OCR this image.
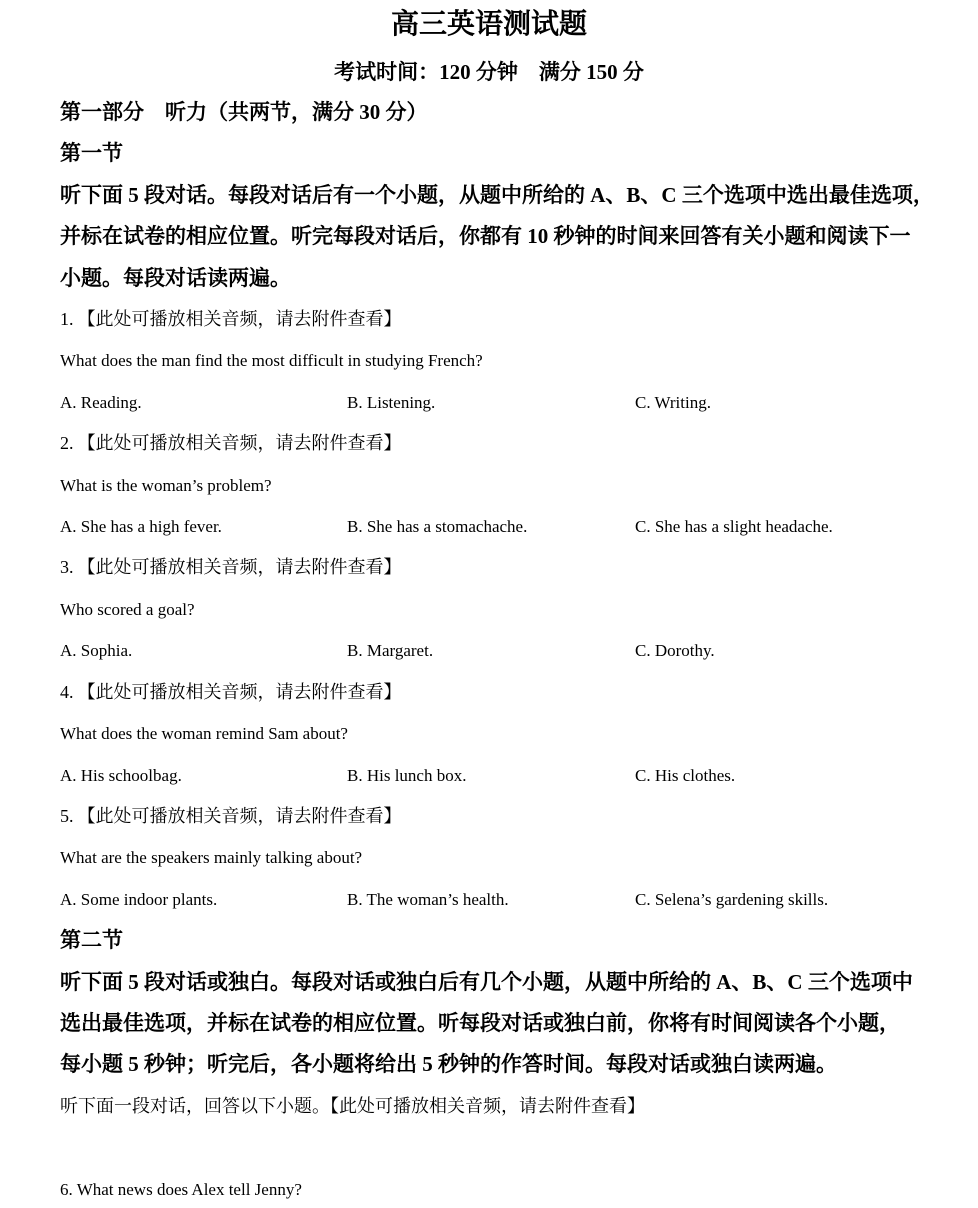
高三英语测试题
考试时间：120 分钟　满分 150 分
第一部分　听力（共两节，满分 30 分）
第一节
听下面 5 段对话。每段对话后有一个小题，从题中所给的 A、B、C 三个选项中选出最佳选项，
并标在试卷的相应位置。听完每段对话后，你都有 10 秒钟的时间来回答有关小题和阅读下一
小题。每段对话读两遍。
1. 【此处可播放相关音频，请去附件查看】
What does the man find the most difficult in studying French?
A. Reading.	B. Listening.	C. Writing.
2. 【此处可播放相关音频，请去附件查看】
What is the woman’s problem?
A. She has a high fever.	B. She has a stomachache.	C. She has a slight headache.
3. 【此处可播放相关音频，请去附件查看】
Who scored a goal?
A. Sophia.	B. Margaret.	C. Dorothy.
4. 【此处可播放相关音频，请去附件查看】
What does the woman remind Sam about?
A. His schoolbag.	B. His lunch box.	C. His clothes.
5. 【此处可播放相关音频，请去附件查看】
What are the speakers mainly talking about?
A. Some indoor plants.	B. The woman’s health.	C. Selena’s gardening skills.
第二节
听下面 5 段对话或独白。每段对话或独白后有几个小题，从题中所给的 A、B、C 三个选项中
选出最佳选项，并标在试卷的相应位置。听每段对话或独白前，你将有时间阅读各个小题，
每小题 5 秒钟；听完后，各小题将给出 5 秒钟的作答时间。每段对话或独白读两遍。
听下面一段对话，回答以下小题。【此处可播放相关音频，请去附件查看】
6. What news does Alex tell Jenny?
